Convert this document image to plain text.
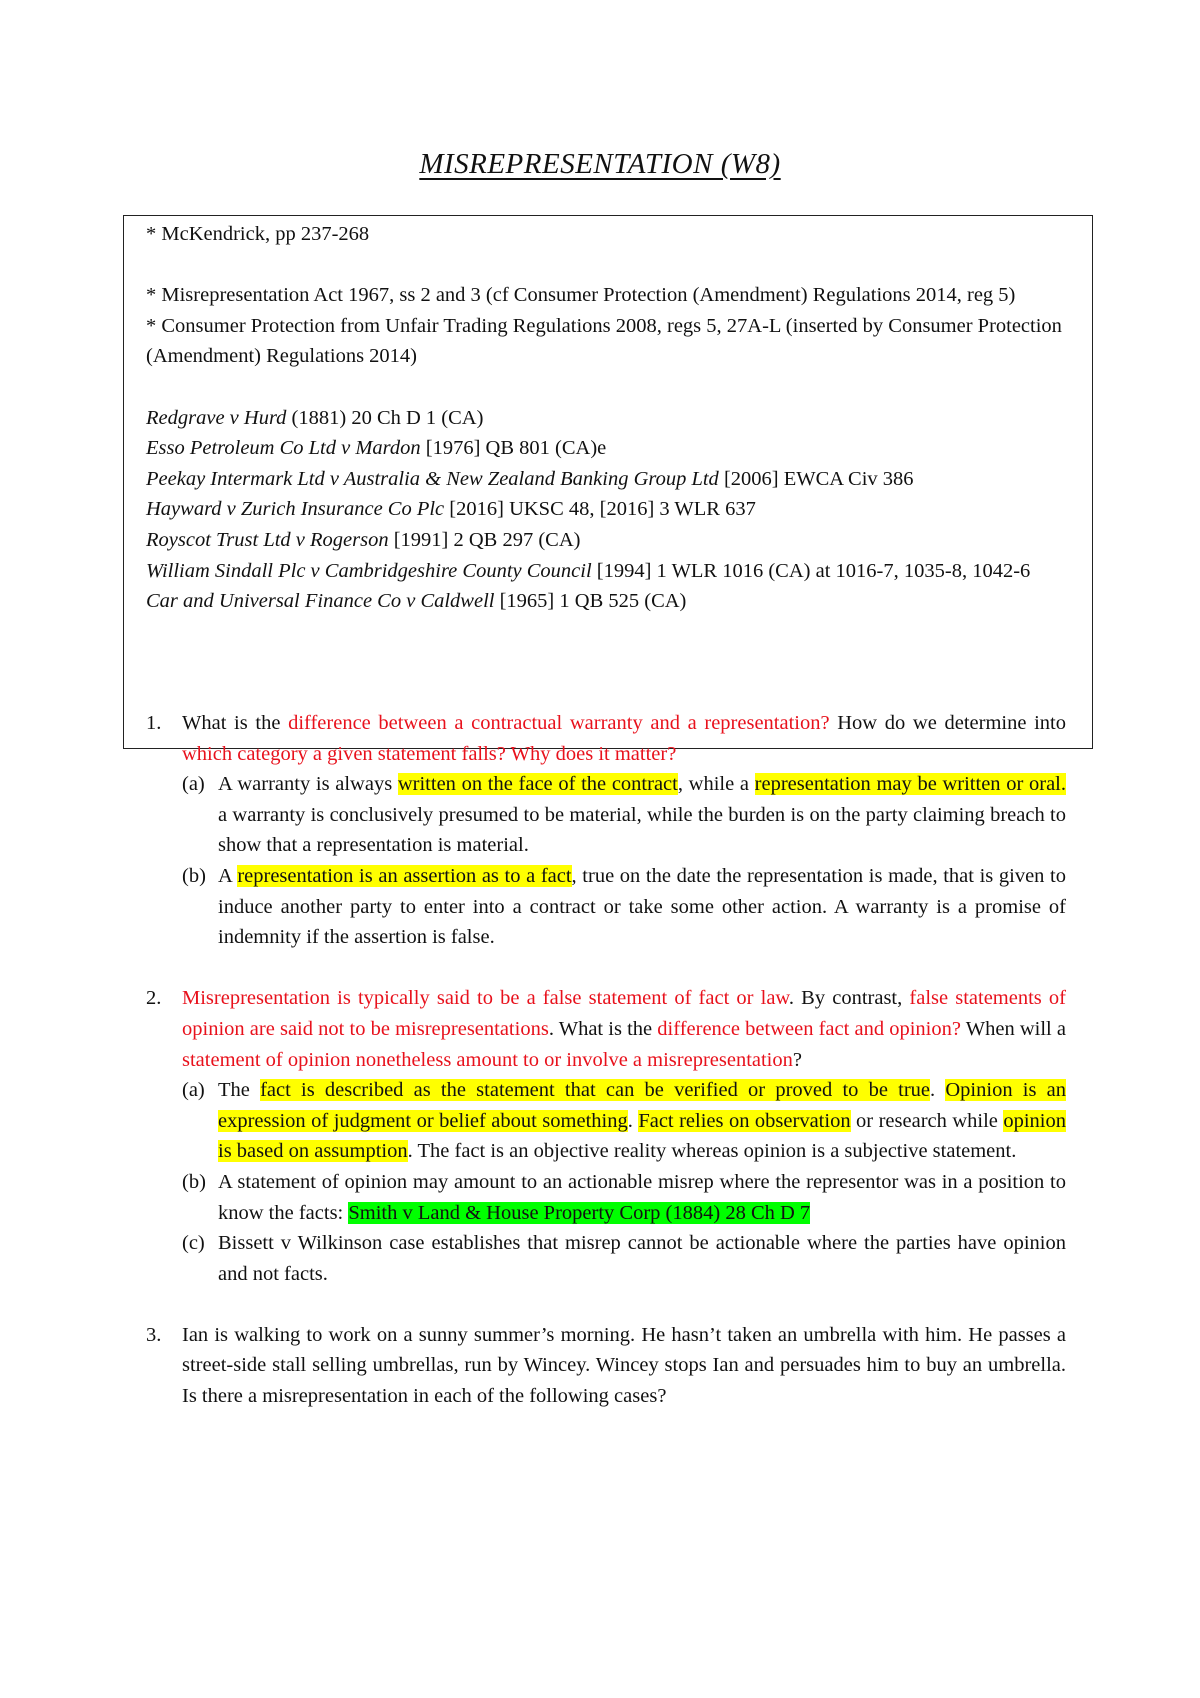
MISREPRESENTATION (W8)

* McKendrick, pp 237-268

* Misrepresentation Act 1967, ss 2 and 3 (cf Consumer Protection (Amendment) Regulations 2014, reg 5)

* Consumer Protection from Unfair Trading Regulations 2008, regs 5, 27A-L (inserted by Consumer Protection (Amendment) Regulations 2014)

Redgrave v Hurd (1881) 20 Ch D 1 (CA)

Esso Petroleum Co Ltd v Mardon [1976] QB 801 (CA)e

Peekay Intermark Ltd v Australia & New Zealand Banking Group Ltd [2006] EWCA Civ 386

Hayward v Zurich Insurance Co Plc [2016] UKSC 48, [2016] 3 WLR 637

Royscot Trust Ltd v Rogerson [1991] 2 QB 297 (CA)

William Sindall Plc v Cambridgeshire County Council [1994] 1 WLR 1016 (CA) at 1016-7, 1035-8, 1042-6

Car and Universal Finance Co v Caldwell [1965] 1 QB 525 (CA)

1. What is the difference between a contractual warranty and a representation? How do we determine into which category a given statement falls? Why does it matter?
(a) A warranty is always written on the face of the contract, while a representation may be written or oral. a warranty is conclusively presumed to be material, while the burden is on the party claiming breach to show that a representation is material.
(b) A representation is an assertion as to a fact, true on the date the representation is made, that is given to induce another party to enter into a contract or take some other action. A warranty is a promise of indemnity if the assertion is false.
2. Misrepresentation is typically said to be a false statement of fact or law. By contrast, false statements of opinion are said not to be misrepresentations. What is the difference between fact and opinion? When will a statement of opinion nonetheless amount to or involve a misrepresentation?
(a) The fact is described as the statement that can be verified or proved to be true. Opinion is an expression of judgment or belief about something. Fact relies on observation or research while opinion is based on assumption. The fact is an objective reality whereas opinion is a subjective statement.
(b) A statement of opinion may amount to an actionable misrep where the representor was in a position to know the facts: Smith v Land & House Property Corp (1884) 28 Ch D 7
(c) Bissett v Wilkinson case establishes that misrep cannot be actionable where the parties have opinion and not facts.
3. Ian is walking to work on a sunny summer’s morning. He hasn’t taken an umbrella with him. He passes a street-side stall selling umbrellas, run by Wincey. Wincey stops Ian and persuades him to buy an umbrella. Is there a misrepresentation in each of the following cases?
